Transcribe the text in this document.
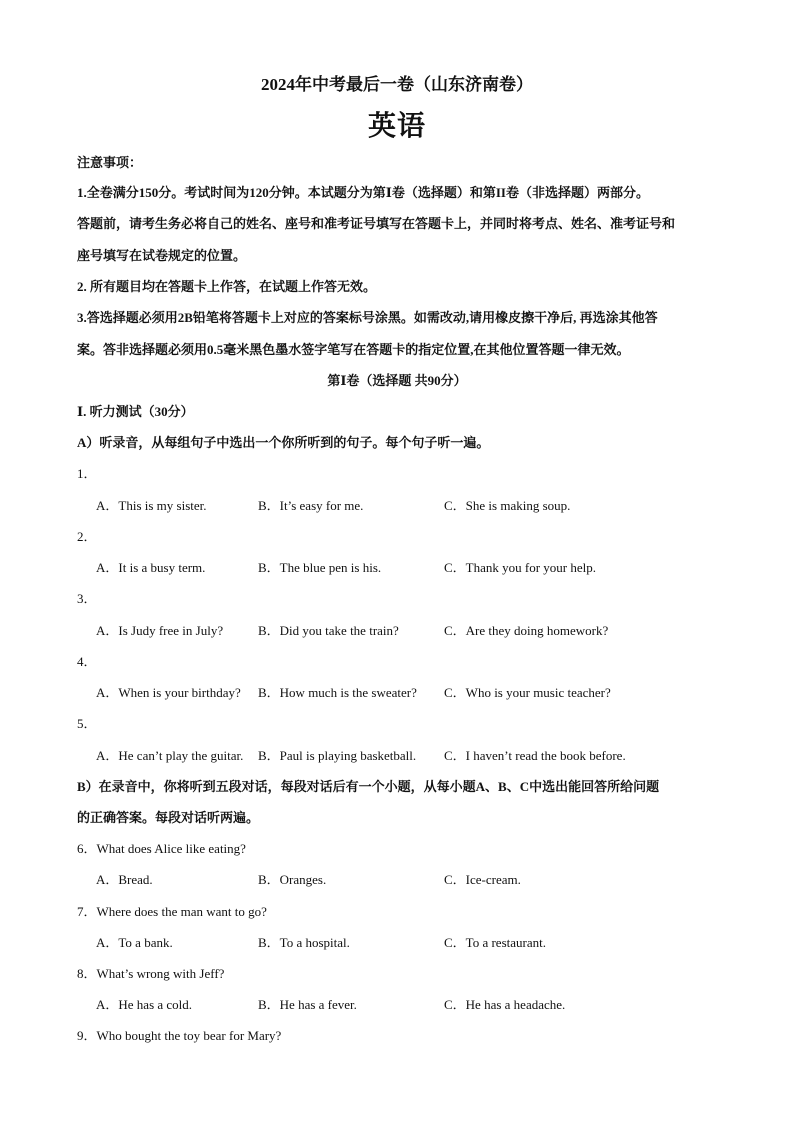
2024年中考最后一卷（山东济南卷）
英语
注意事项：
1.全卷满分150分。考试时间为120分钟。本试题分为第Ⅰ卷（选择题）和第II卷（非选择题）两部分。
答题前，请考生务必将自己的姓名、座号和准考证号填写在答题卡上，并同时将考点、姓名、准考证号和
座号填写在试卷规定的位置。
2. 所有题目均在答题卡上作答，在试题上作答无效。
3.答选择题必须用2B铅笔将答题卡上对应的答案标号涂黑。如需改动,请用橡皮擦干净后, 再选涂其他答
案。答非选择题必须用0.5毫米黑色墨水签字笔写在答题卡的指定位置,在其他位置答题一律无效。
第Ⅰ卷（选择题 共90分）
Ⅰ. 听力测试（30分）
A）听录音，从每组句子中选出一个你所听到的句子。每个句子听一遍。
1．
A．This is my sister.	B．It’s easy for me.	C．She is making soup.
2．
A．It is a busy term.	B．The blue pen is his.	C．Thank you for your help.
3．
A．Is Judy free in July?	B．Did you take the train?	C．Are they doing homework?
4．
A．When is your birthday? B．How much is the sweater? C．Who is your music teacher?
5．
A．He can’t play the guitar. B．Paul is playing basketball. C．I haven’t read the book before.
B）在录音中，你将听到五段对话，每段对话后有一个小题，从每小题A、B、C中选出能回答所给问题
的正确答案。每段对话听两遍。
6．What does Alice like eating?
A．Bread.	B．Oranges.	C．Ice-cream.
7．Where does the man want to go?
A．To a bank.	B．To a hospital.	C．To a restaurant.
8．What’s wrong with Jeff?
A．He has a cold.	B．He has a fever.	C．He has a headache.
9．Who bought the toy bear for Mary?
